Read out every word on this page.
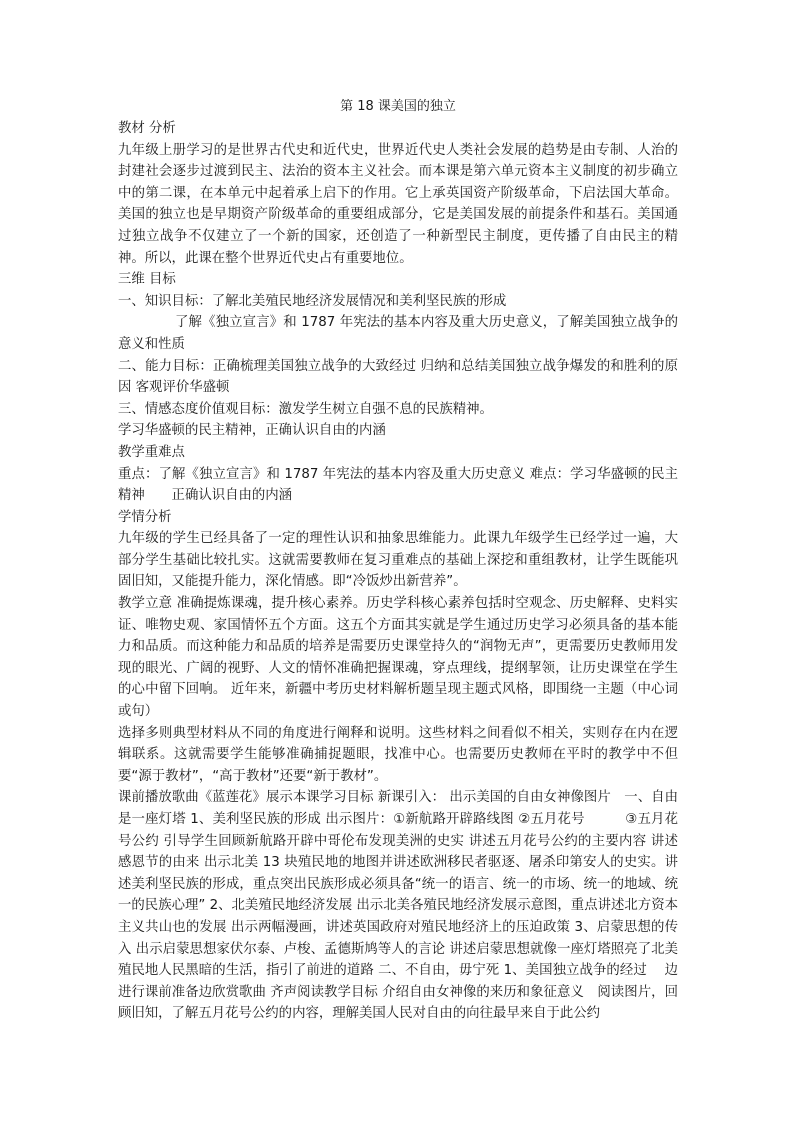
第 18 课美国的独立
教材 分析

九年级上册学习的是世界古代史和近代史，世界近代史人类社会发展的趋势是由专制、人治的封建社会逐步过渡到民主、法治的资本主义社会。而本课是第六单元资本主义制度的初步确立中的第二课，在本单元中起着承上启下的作用。它上承英国资产阶级革命，下启法国大革命。美国的独立也是早期资产阶级革命的重要组成部分，它是美国发展的前提条件和基石。美国通过独立战争不仅建立了一个新的国家，还创造了一种新型民主制度，更传播了自由民主的精神。所以，此课在整个世界近代史占有重要地位。

三维 目标

一、知识目标：了解北美殖民地经济发展情况和美利坚民族的形成

了解《独立宣言》和 1787 年宪法的基本内容及重大历史意义，了解美国独立战争的意义和性质

二、能力目标：正确梳理美国独立战争的大致经过 归纳和总结美国独立战争爆发的和胜利的原因 客观评价华盛顿

三、情感态度价值观目标：激发学生树立自强不息的民族精神。

学习华盛顿的民主精神，正确认识自由的内涵

教学重难点

重点：了解《独立宣言》和 1787 年宪法的基本内容及重大历史意义 难点：学习华盛顿的民主精神　　正确认识自由的内涵

学情分析

九年级的学生已经具备了一定的理性认识和抽象思维能力。此课九年级学生已经学过一遍，大部分学生基础比较扎实。这就需要教师在复习重难点的基础上深挖和重组教材，让学生既能巩固旧知，又能提升能力，深化情感。即“冷饭炒出新营养”。

教学立意 准确提炼课魂，提升核心素养。历史学科核心素养包括时空观念、历史解释、史料实证、唯物史观、家国情怀五个方面。这五个方面其实就是学生通过历史学习必须具备的基本能力和品质。而这种能力和品质的培养是需要历史课堂持久的“润物无声”，更需要历史教师用发现的眼光、广阔的视野、人文的情怀准确把握课魂，穿点理线，提纲挈领，让历史课堂在学生的心中留下回响。 近年来，新疆中考历史材料解析题呈现主题式风格，即围绕一主题（中心词或句）

选择多则典型材料从不同的角度进行阐释和说明。这些材料之间看似不相关，实则存在内在逻辑联系。这就需要学生能够准确捕捉题眼，找准中心。也需要历史教师在平时的教学中不但要“源于教材”，“高于教材”还要“新于教材”。

课前播放歌曲《蓝莲花》展示本课学习目标 新课引入： 出示美国的自由女神像图片　一、自由是一座灯塔 1、美利坚民族的形成 出示图片：①新航路开辟路线图 ②五月花号　　　③五月花号公约 引导学生回顾新航路开辟中哥伦布发现美洲的史实 讲述五月花号公约的主要内容 讲述感恩节的由来 出示北美 13 块殖民地的地图并讲述欧洲移民者驱逐、屠杀印第安人的史实。讲述美利坚民族的形成，重点突出民族形成必须具备“统一的语言、统一的市场、统一的地域、统一的民族心理” 2、北美殖民地经济发展 出示北美各殖民地经济发展示意图，重点讲述北方资本主义共山也的发展 出示两幅漫画，讲述英国政府对殖民地经济上的压迫政策 3、启蒙思想的传入 出示启蒙思想家伏尔泰、卢梭、孟德斯鸠等人的言论 讲述启蒙思想就像一座灯塔照亮了北美殖民地人民黑暗的生活，指引了前进的道路 二、不自由，毋宁死 1、美国独立战争的经过　 边进行课前准备边欣赏歌曲 齐声阅读教学目标 介绍自由女神像的来历和象征意义　阅读图片，回顾旧知，了解五月花号公约的内容，理解美国人民对自由的向往最早来自于此公约
